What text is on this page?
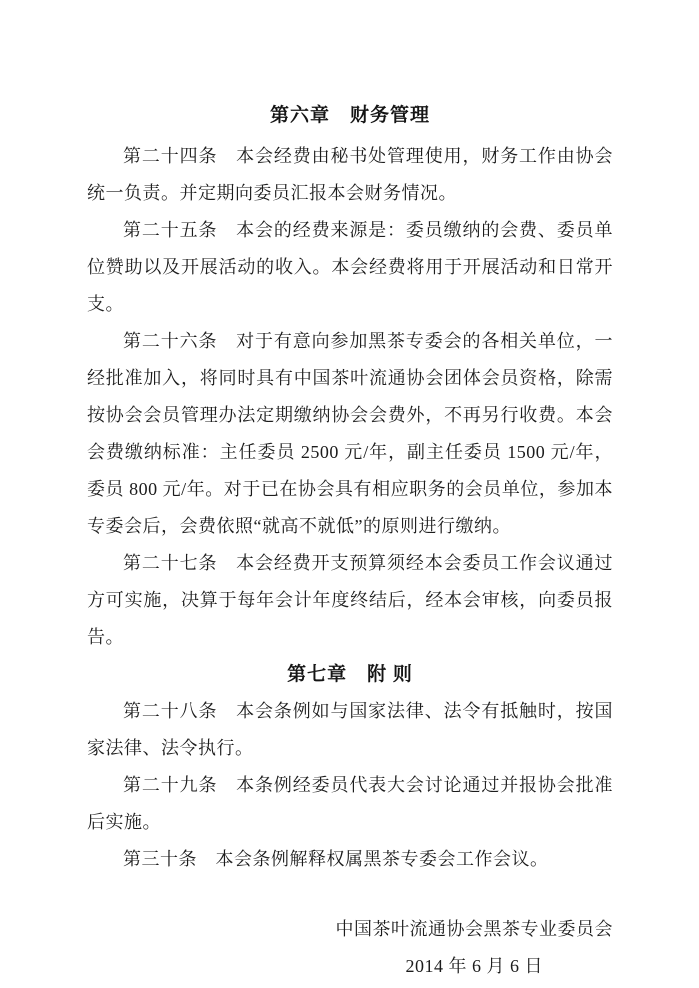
第六章　财务管理

第二十四条　本会经费由秘书处管理使用，财务工作由协会统一负责。并定期向委员汇报本会财务情况。

第二十五条　本会的经费来源是：委员缴纳的会费、委员单位赞助以及开展活动的收入。本会经费将用于开展活动和日常开支。

第二十六条　对于有意向参加黑茶专委会的各相关单位，一经批准加入，将同时具有中国茶叶流通协会团体会员资格，除需按协会会员管理办法定期缴纳协会会费外，不再另行收费。本会会费缴纳标准：主任委员 2500 元/年，副主任委员 1500 元/年，委员 800 元/年。对于已在协会具有相应职务的会员单位，参加本专委会后，会费依照“就高不就低”的原则进行缴纳。

第二十七条　本会经费开支预算须经本会委员工作会议通过方可实施，决算于每年会计年度终结后，经本会审核，向委员报告。

第七章　附 则

第二十八条　本会条例如与国家法律、法令有抵触时，按国家法律、法令执行。

第二十九条　本条例经委员代表大会讨论通过并报协会批准后实施。

第三十条　本会条例解释权属黑茶专委会工作会议。

中国茶叶流通协会黑茶专业委员会
2014 年 6 月 6 日
